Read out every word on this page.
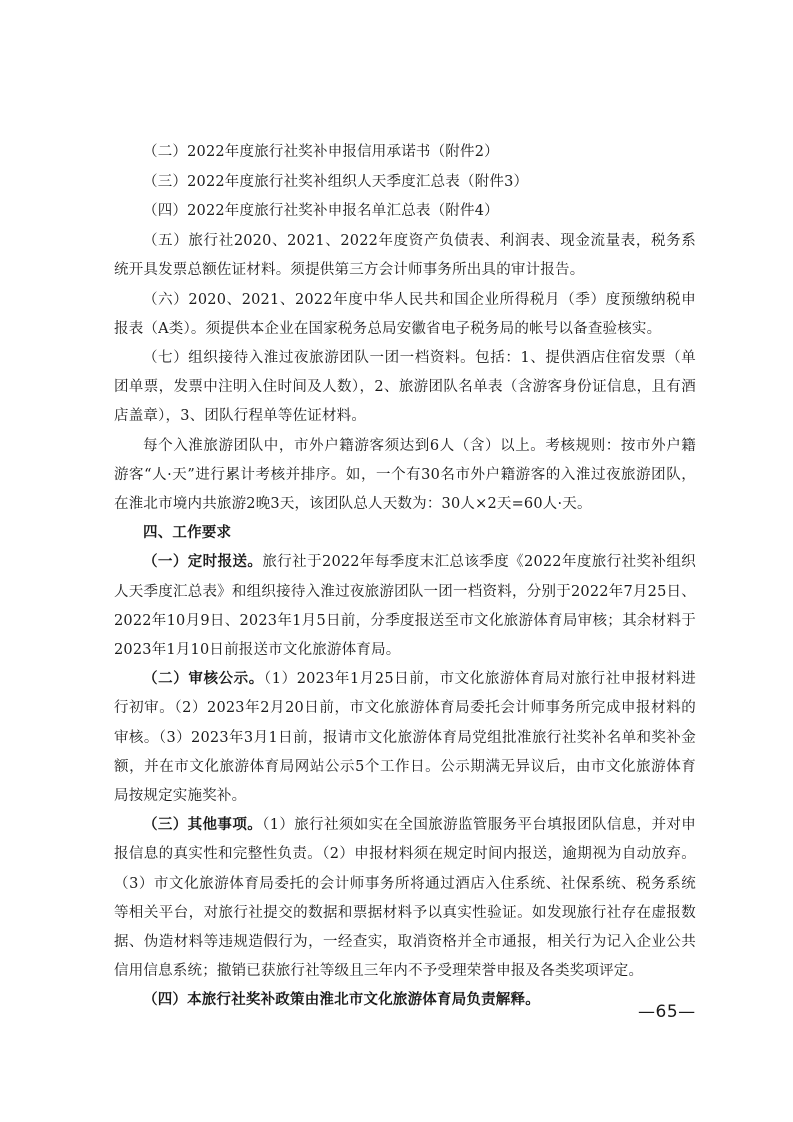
（二）2022年度旅行社奖补申报信用承诺书（附件2）

（三）2022年度旅行社奖补组织人天季度汇总表（附件3）

（四）2022年度旅行社奖补申报名单汇总表（附件4）

（五）旅行社2020、2021、2022年度资产负债表、利润表、现金流量表，税务系统开具发票总额佐证材料。须提供第三方会计师事务所出具的审计报告。

（六）2020、2021、2022年度中华人民共和国企业所得税月（季）度预缴纳税申报表（A类）。须提供本企业在国家税务总局安徽省电子税务局的帐号以备查验核实。

（七）组织接待入淮过夜旅游团队一团一档资料。包括：1、提供酒店住宿发票（单团单票，发票中注明入住时间及人数），2、旅游团队名单表（含游客身份证信息，且有酒店盖章），3、团队行程单等佐证材料。

每个入淮旅游团队中，市外户籍游客须达到6人（含）以上。考核规则：按市外户籍游客“人·天”进行累计考核并排序。如，一个有30名市外户籍游客的入淮过夜旅游团队，在淮北市境内共旅游2晚3天，该团队总人天数为：30人×2天=60人·天。

四、工作要求

（一）定时报送。旅行社于2022年每季度末汇总该季度《2022年度旅行社奖补组织人天季度汇总表》和组织接待入淮过夜旅游团队一团一档资料，分别于2022年7月25日、2022年10月9日、2023年1月5日前，分季度报送至市文化旅游体育局审核；其余材料于2023年1月10日前报送市文化旅游体育局。

（二）审核公示。（1）2023年1月25日前，市文化旅游体育局对旅行社申报材料进行初审。（2）2023年2月20日前，市文化旅游体育局委托会计师事务所完成申报材料的审核。（3）2023年3月1日前，报请市文化旅游体育局党组批准旅行社奖补名单和奖补金额，并在市文化旅游体育局网站公示5个工作日。公示期满无异议后，由市文化旅游体育局按规定实施奖补。

（三）其他事项。（1）旅行社须如实在全国旅游监管服务平台填报团队信息，并对申报信息的真实性和完整性负责。（2）申报材料须在规定时间内报送，逾期视为自动放弃。（3）市文化旅游体育局委托的会计师事务所将通过酒店入住系统、社保系统、税务系统等相关平台，对旅行社提交的数据和票据材料予以真实性验证。如发现旅行社存在虚报数据、伪造材料等违规造假行为，一经查实，取消资格并全市通报，相关行为记入企业公共信用信息系统；撤销已获旅行社等级且三年内不予受理荣誉申报及各类奖项评定。

（四）本旅行社奖补政策由淮北市文化旅游体育局负责解释。

—65—
